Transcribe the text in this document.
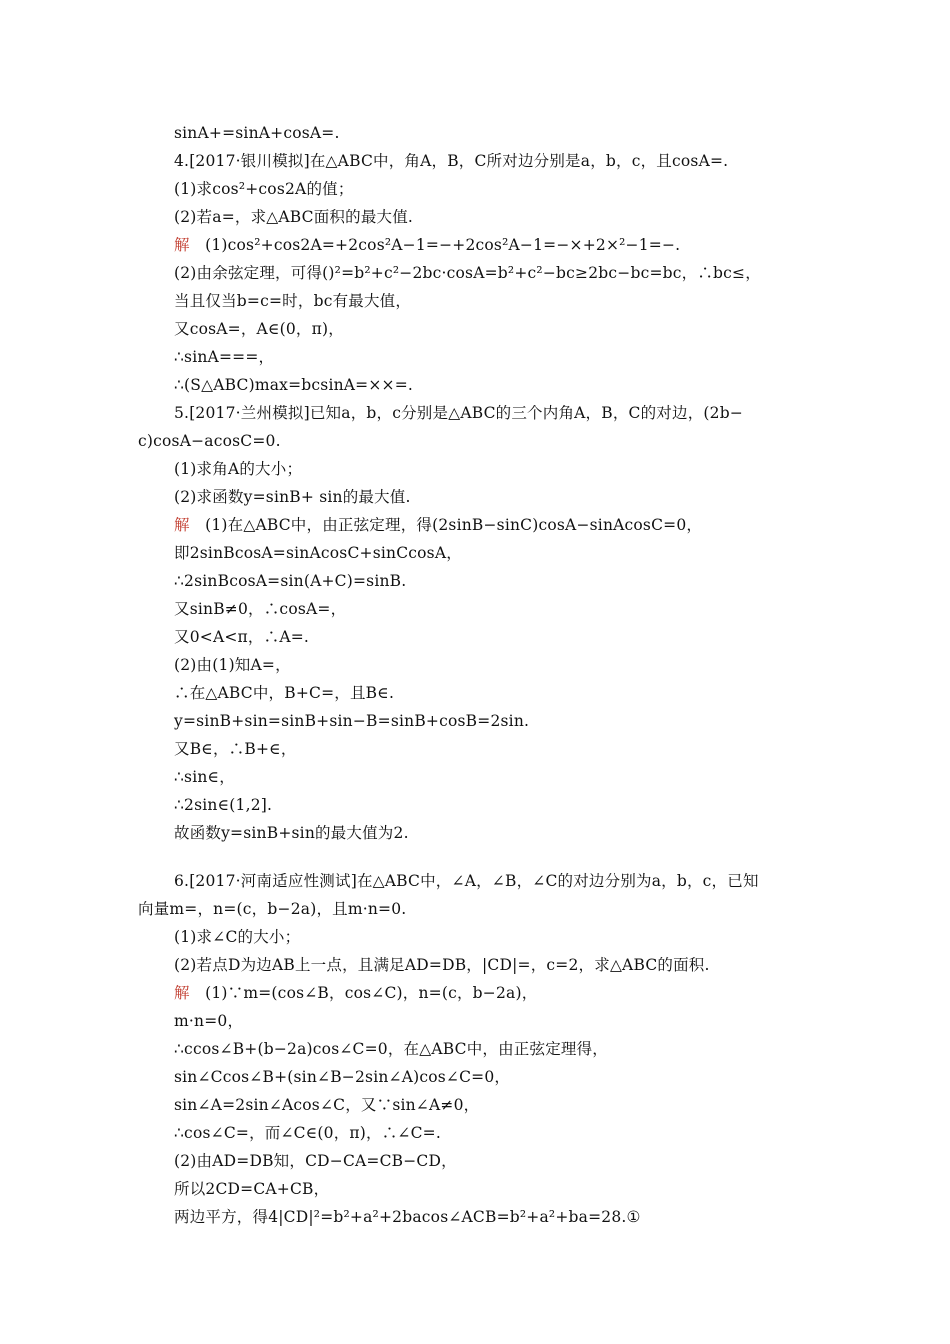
sinA+=sinA+cosA=.
4.[2017·银川模拟]在△ABC中，角A，B，C所对边分别是a，b，c，且cosA=.
(1)求cos²+cos2A的值；
(2)若a=，求△ABC面积的最大值.
解 (1)cos²+cos2A=+2cos²A−1=−+2cos²A−1=−×+2×²−1=−.
(2)由余弦定理，可得()²=b²+c²−2bc·cosA=b²+c²−bc≥2bc−bc=bc，∴bc≤，
当且仅当b=c=时，bc有最大值，
又cosA=，A∈(0，π)，
∴sinA===，
∴(S△ABC)max=bcsinA=××=.
5.[2017·兰州模拟]已知a，b，c分别是△ABC的三个内角A，B，C的对边，(2b−
c)cosA−acosC=0.
(1)求角A的大小；
(2)求函数y=sinB+ sin的最大值.
解 (1)在△ABC中，由正弦定理，得(2sinB−sinC)cosA−sinAcosC=0，
即2sinBcosA=sinAcosC+sinCcosA，
∴2sinBcosA=sin(A+C)=sinB.
又sinB≠0，∴cosA=，
又0<A<π，∴A=.
(2)由(1)知A=，
∴在△ABC中，B+C=，且B∈.
y=sinB+sin=sinB+sin−B=sinB+cosB=2sin.
又B∈，∴B+∈，
∴sin∈，
∴2sin∈(1,2].
故函数y=sinB+sin的最大值为2.
6.[2017·河南适应性测试]在△ABC中，∠A，∠B，∠C的对边分别为a，b，c，已知
向量m=，n=(c，b−2a)，且m·n=0.
(1)求∠C的大小；
(2)若点D为边AB上一点，且满足AD=DB，|CD|=，c=2，求△ABC的面积.
解 (1)∵m=(cos∠B，cos∠C)，n=(c，b−2a)，
m·n=0，
∴ccos∠B+(b−2a)cos∠C=0，在△ABC中，由正弦定理得，
sin∠Ccos∠B+(sin∠B−2sin∠A)cos∠C=0，
sin∠A=2sin∠Acos∠C，又∵sin∠A≠0，
∴cos∠C=，而∠C∈(0，π)，∴∠C=.
(2)由AD=DB知，CD−CA=CB−CD，
所以2CD=CA+CB，
两边平方，得4|CD|²=b²+a²+2bacos∠ACB=b²+a²+ba=28.①
